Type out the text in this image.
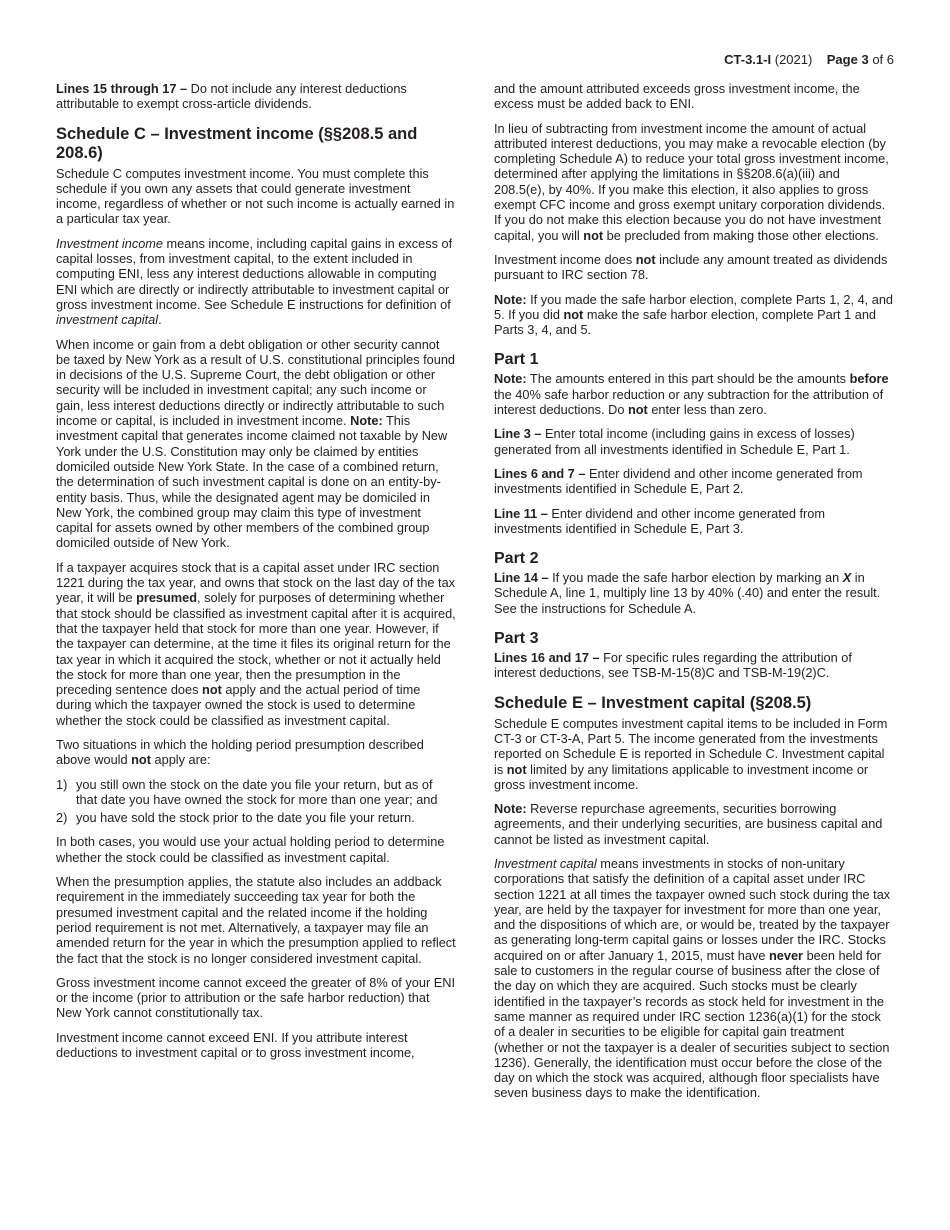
CT-3.1-I (2021) Page 3 of 6

Lines 15 through 17 – Do not include any interest deductions attributable to exempt cross-article dividends.

Schedule C – Investment income (§§208.5 and 208.6)

Schedule C computes investment income. You must complete this schedule if you own any assets that could generate investment income, regardless of whether or not such income is actually earned in a particular tax year.

Investment income means income, including capital gains in excess of capital losses, from investment capital, to the extent included in computing ENI, less any interest deductions allowable in computing ENI which are directly or indirectly attributable to investment capital or gross investment income. See Schedule E instructions for definition of investment capital.

When income or gain from a debt obligation or other security cannot be taxed by New York as a result of U.S. constitutional principles found in decisions of the U.S. Supreme Court, the debt obligation or other security will be included in investment capital; any such income or gain, less interest deductions directly or indirectly attributable to such income or capital, is included in investment income. Note: This investment capital that generates income claimed not taxable by New York under the U.S. Constitution may only be claimed by entities domiciled outside New York State. In the case of a combined return, the determination of such investment capital is done on an entity-by-entity basis. Thus, while the designated agent may be domiciled in New York, the combined group may claim this type of investment capital for assets owned by other members of the combined group domiciled outside of New York.

If a taxpayer acquires stock that is a capital asset under IRC section 1221 during the tax year, and owns that stock on the last day of the tax year, it will be presumed, solely for purposes of determining whether that stock should be classified as investment capital after it is acquired, that the taxpayer held that stock for more than one year. However, if the taxpayer can determine, at the time it files its original return for the tax year in which it acquired the stock, whether or not it actually held the stock for more than one year, then the presumption in the preceding sentence does not apply and the actual period of time during which the taxpayer owned the stock is used to determine whether the stock could be classified as investment capital.

Two situations in which the holding period presumption described above would not apply are:

1) you still own the stock on the date you file your return, but as of that date you have owned the stock for more than one year; and
2) you have sold the stock prior to the date you file your return.

In both cases, you would use your actual holding period to determine whether the stock could be classified as investment capital.

When the presumption applies, the statute also includes an addback requirement in the immediately succeeding tax year for both the presumed investment capital and the related income if the holding period requirement is not met. Alternatively, a taxpayer may file an amended return for the year in which the presumption applied to reflect the fact that the stock is no longer considered investment capital.

Gross investment income cannot exceed the greater of 8% of your ENI or the income (prior to attribution or the safe harbor reduction) that New York cannot constitutionally tax.

Investment income cannot exceed ENI. If you attribute interest deductions to investment capital or to gross investment income,

and the amount attributed exceeds gross investment income, the excess must be added back to ENI.

In lieu of subtracting from investment income the amount of actual attributed interest deductions, you may make a revocable election (by completing Schedule A) to reduce your total gross investment income, determined after applying the limitations in §§208.6(a)(iii) and 208.5(e), by 40%. If you make this election, it also applies to gross exempt CFC income and gross exempt unitary corporation dividends. If you do not make this election because you do not have investment capital, you will not be precluded from making those other elections.

Investment income does not include any amount treated as dividends pursuant to IRC section 78.

Note: If you made the safe harbor election, complete Parts 1, 2, 4, and 5. If you did not make the safe harbor election, complete Part 1 and Parts 3, 4, and 5.

Part 1

Note: The amounts entered in this part should be the amounts before the 40% safe harbor reduction or any subtraction for the attribution of interest deductions. Do not enter less than zero.

Line 3 – Enter total income (including gains in excess of losses) generated from all investments identified in Schedule E, Part 1.

Lines 6 and 7 – Enter dividend and other income generated from investments identified in Schedule E, Part 2.

Line 11 – Enter dividend and other income generated from investments identified in Schedule E, Part 3.

Part 2

Line 14 – If you made the safe harbor election by marking an X in Schedule A, line 1, multiply line 13 by 40% (.40) and enter the result. See the instructions for Schedule A.

Part 3

Lines 16 and 17 – For specific rules regarding the attribution of interest deductions, see TSB-M-15(8)C and TSB-M-19(2)C.

Schedule E – Investment capital (§208.5)

Schedule E computes investment capital items to be included in Form CT-3 or CT-3-A, Part 5. The income generated from the investments reported on Schedule E is reported in Schedule C. Investment capital is not limited by any limitations applicable to investment income or gross investment income.

Note: Reverse repurchase agreements, securities borrowing agreements, and their underlying securities, are business capital and cannot be listed as investment capital.

Investment capital means investments in stocks of non-unitary corporations that satisfy the definition of a capital asset under IRC section 1221 at all times the taxpayer owned such stock during the tax year, are held by the taxpayer for investment for more than one year, and the dispositions of which are, or would be, treated by the taxpayer as generating long-term capital gains or losses under the IRC. Stocks acquired on or after January 1, 2015, must have never been held for sale to customers in the regular course of business after the close of the day on which they are acquired. Such stocks must be clearly identified in the taxpayer’s records as stock held for investment in the same manner as required under IRC section 1236(a)(1) for the stock of a dealer in securities to be eligible for capital gain treatment (whether or not the taxpayer is a dealer of securities subject to section 1236). Generally, the identification must occur before the close of the day on which the stock was acquired, although floor specialists have seven business days to make the identification.
